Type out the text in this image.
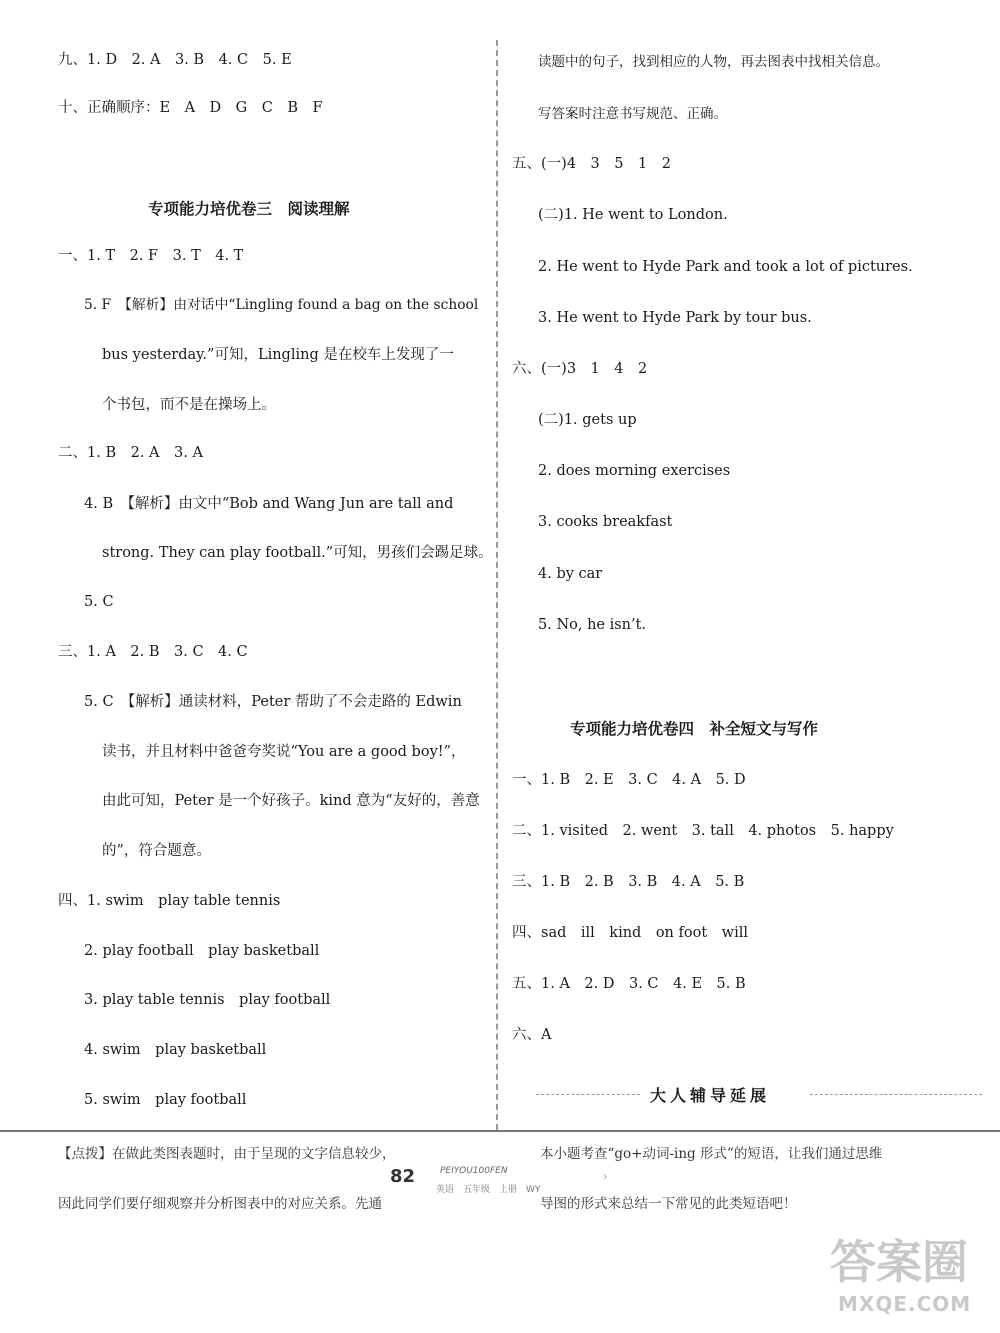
九、1. D　2. A　3. B　4. C　5. E
十、正确顺序：E　A　D　G　C　B　F
专项能力培优卷三　阅读理解
一、1. T　2. F　3. T　4. T
5. F　【解析】由对话中“Lingling found a bag on the school
bus yesterday.”可知，Lingling 是在校车上发现了一
个书包，而不是在操场上。
二、1. B　2. A　3. A
4. B　【解析】由文中“Bob and Wang Jun are tall and
strong. They can play football.”可知，男孩们会踢足球。
5. C
三、1. A　2. B　3. C　4. C
5. C　【解析】通读材料，Peter 帮助了不会走路的 Edwin
读书，并且材料中爸爸夸奖说“You are a good boy!”，
由此可知，Peter 是一个好孩子。kind 意为“友好的，善意
的”，符合题意。
四、1. swim　play table tennis
2. play football　play basketball
3. play table tennis　play football
4. swim　play basketball
5. swim　play football
读题中的句子，找到相应的人物，再去图表中找相关信息。
写答案时注意书写规范、正确。
五、(一)4　3　5　1　2
(二)1. He went to London.
2. He went to Hyde Park and took a lot of pictures.
3. He went to Hyde Park by tour bus.
六、(一)3　1　4　2
(二)1. gets up
2. does morning exercises
3. cooks breakfast
4. by car
5. No, he isn’t.
专项能力培优卷四　补全短文与写作
一、1. B　2. E　3. C　4. A　5. D
二、1. visited　2. went　3. tall　4. photos　5. happy
三、1. B　2. B　3. B　4. A　5. B
四、sad　ill　kind　on foot　will
五、1. A　2. D　3. C　4. E　5. B
六、A
大人辅导延展
【点拨】在做此类图表题时，由于呈现的文字信息较少，
因此同学们要仔细观察并分析图表中的对应关系。先通
本小题考查“go+动词-ing 形式”的短语，让我们通过思维
导图的形式来总结一下常见的此类短语吧！
82	PEIYOU100FEN
英语　五年级　上册　WY
›
答案圈
MXQE.COM
